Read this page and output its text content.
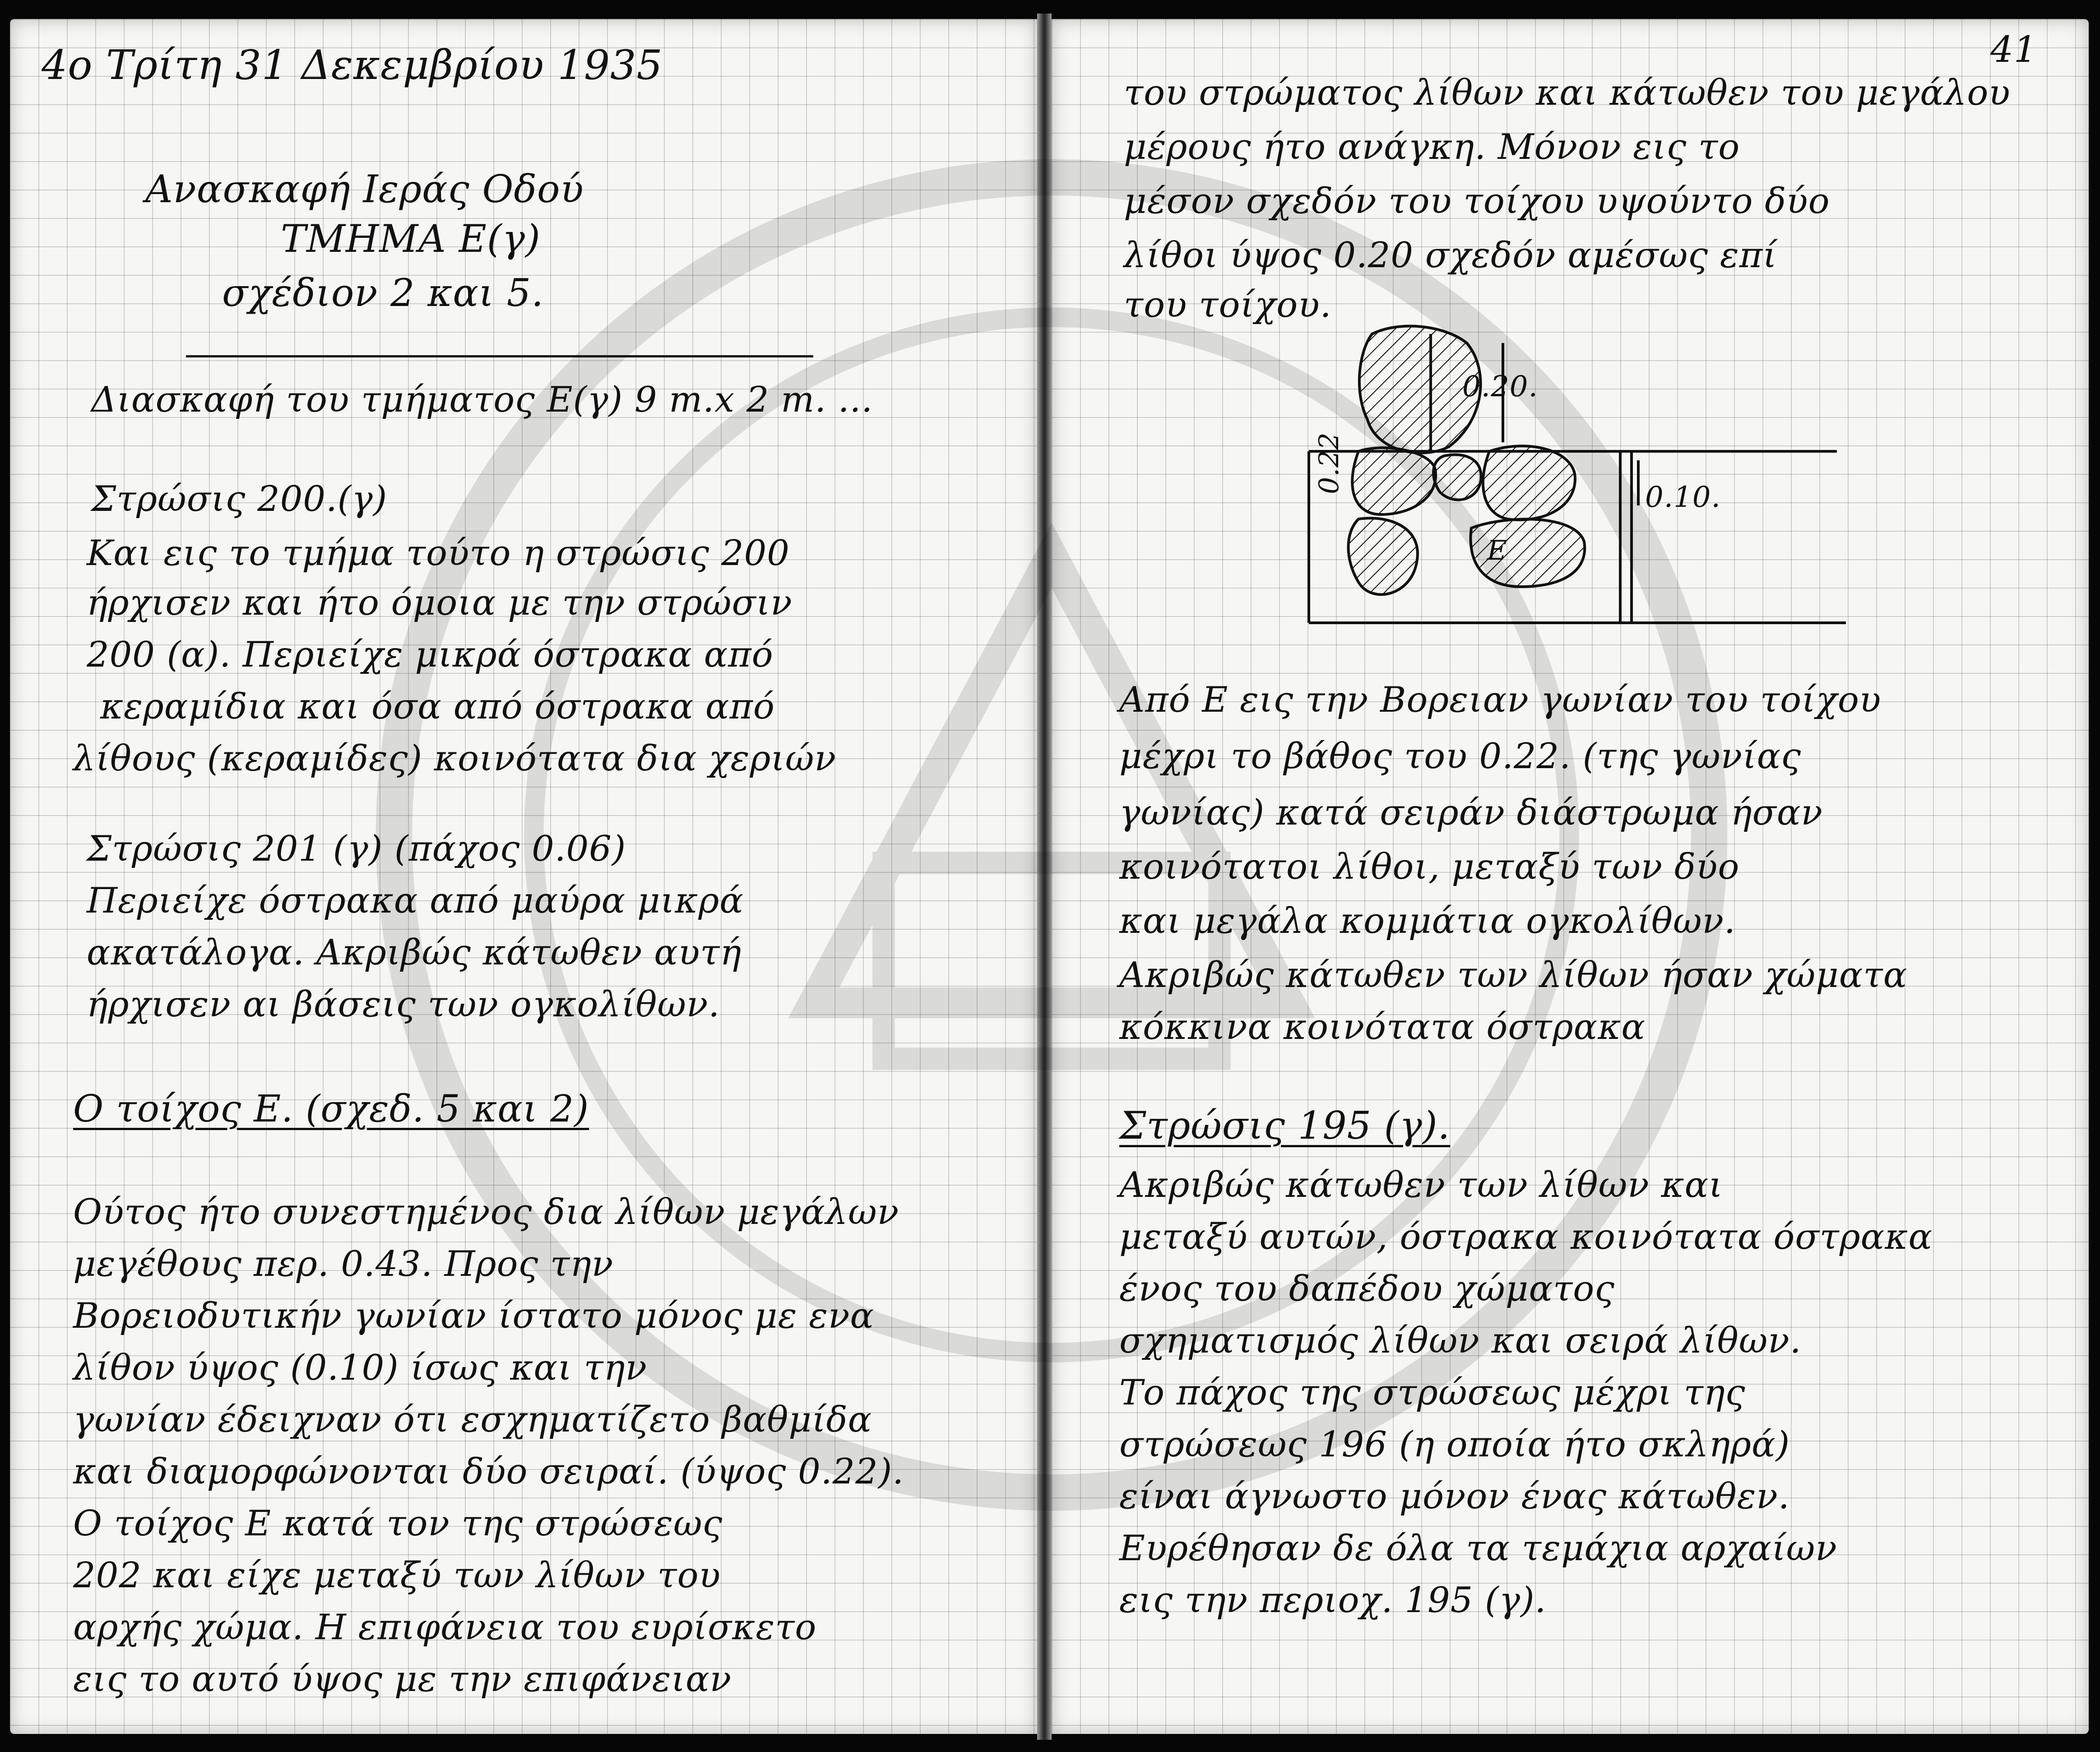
4o Τρίτη 31 Δεκεμβρίου 1935
Ανασκαφή Ιεράς Οδού
ΤΜΗΜΑ Ε(γ)
σχέδιον 2 και 5.
Διασκαφή του τμήματος Ε(γ) 9 m.x 2 m. ...
Στρώσις 200.(γ)
Και εις το τμήμα τούτο η στρώσις 200
ήρχισεν και ήτο όμοια με την στρώσιν
200 (α). Περιείχε μικρά όστρακα από
κεραμίδια και όσα από όστρακα από
λίθους (κεραμίδες) κοινότατα δια χεριών
Στρώσις 201 (γ) (πάχος 0.06)
Περιείχε όστρακα από μαύρα μικρά
ακατάλογα. Ακριβώς κάτωθεν αυτή
ήρχισεν αι βάσεις των ογκολίθων.
Ο τοίχος Ε. (σχεδ. 5 και 2)
Ούτος ήτο συνεστημένος δια λίθων μεγάλων
μεγέθους περ. 0.43. Προς την
Βορειοδυτικήν γωνίαν ίστατο μόνος με ενα
λίθον ύψος (0.10) ίσως και την
γωνίαν έδειχναν ότι εσχηματίζετο βαθμίδα
και διαμορφώνονται δύο σειραί. (ύψος 0.22).
Ο τοίχος Ε κατά τον της στρώσεως
202 και είχε μεταξύ των λίθων του
αρχής χώμα. Η επιφάνεια του ευρίσκετο
εις το αυτό ύψος με την επιφάνειαν
41
του στρώματος λίθων και κάτωθεν του μεγάλου
μέρους ήτο ανάγκη. Μόνον εις το
μέσον σχεδόν του τοίχου υψούντο δύο
λίθοι ύψος 0.20 σχεδόν αμέσως επί
του τοίχου.
Από Ε εις την Βορειαν γωνίαν του τοίχου
μέχρι το βάθος του 0.22. (της γωνίας
γωνίας) κατά σειράν διάστρωμα ήσαν
κοινότατοι λίθοι, μεταξύ των δύο
και μεγάλα κομμάτια ογκολίθων.
Ακριβώς κάτωθεν των λίθων ήσαν χώματα
κόκκινα κοινότατα όστρακα
Στρώσις 195 (γ).
Ακριβώς κάτωθεν των λίθων και
μεταξύ αυτών, όστρακα κοινότατα όστρακα
ένος του δαπέδου χώματος
σχηματισμός λίθων και σειρά λίθων.
Το πάχος της στρώσεως μέχρι της
στρώσεως 196 (η οποία ήτο σκληρά)
είναι άγνωστο μόνον ένας κάτωθεν.
Ευρέθησαν δε όλα τα τεμάχια αρχαίων
εις την περιοχ. 195 (γ).
0.20.
0.22
0.10.
Ε
